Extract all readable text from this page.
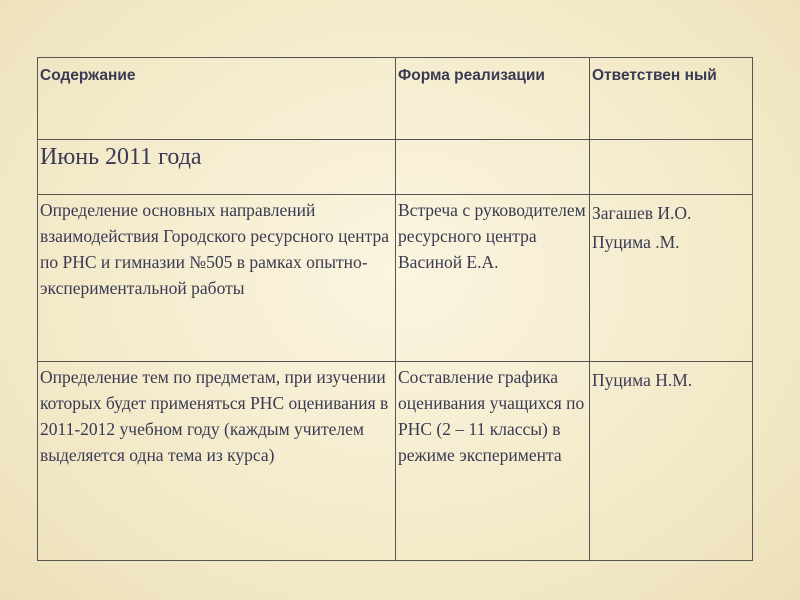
Содержание	Форма реализации	Ответствен ный

Июнь 2011 года		

Определение основных направлений взаимодействия Городского ресурсного центра по РНС и гимназии №505 в рамках опытно-экспериментальной работы	Встреча с руководителем ресурсного центра Васиной Е.А.	Загашев И.О.
Пуцима .М.

Определение тем по предметам, при изучении которых будет применяться РНС оценивания в 2011-2012 учебном году (каждым учителем выделяется одна тема из курса)	Составление графика оценивания учащихся по РНС (2 – 11 классы) в режиме эксперимента	Пуцима Н.М.
